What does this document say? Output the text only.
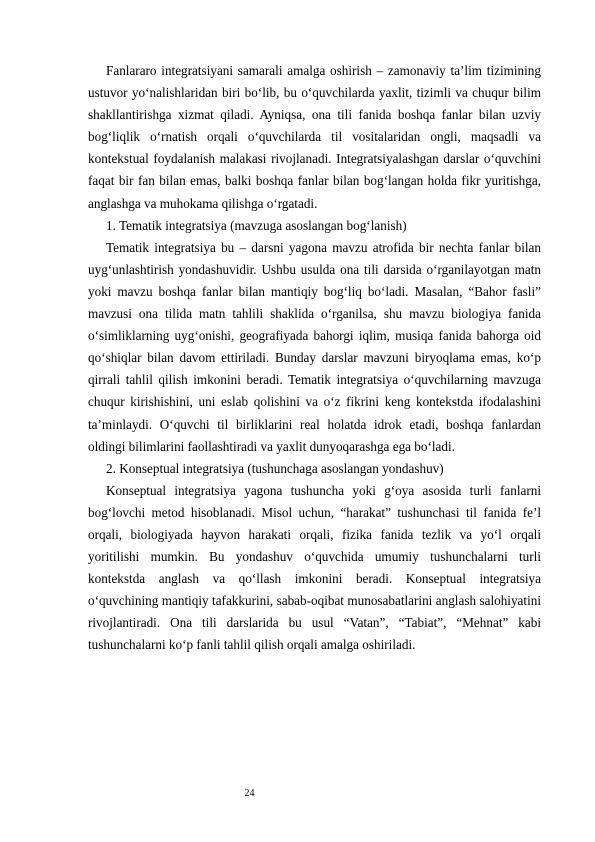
Fanlararo integratsiyani samarali amalga oshirish – zamonaviy ta’lim tizimining ustuvor yo‘nalishlaridan biri bo‘lib, bu o‘quvchilarda yaxlit, tizimli va chuqur bilim shakllantirishga xizmat qiladi. Ayniqsa, ona tili fanida boshqa fanlar bilan uzviy bog‘liqlik o‘rnatish orqali o‘quvchilarda til vositalaridan ongli, maqsadli va kontekstual foydalanish malakasi rivojlanadi. Integratsiyalashgan darslar o‘quvchini faqat bir fan bilan emas, balki boshqa fanlar bilan bog‘langan holda fikr yuritishga, anglashga va muhokama qilishga o‘rgatadi.

1. Tematik integratsiya (mavzuga asoslangan bog‘lanish)

Tematik integratsiya bu – darsni yagona mavzu atrofida bir nechta fanlar bilan uyg‘unlashtirish yondashuvidir. Ushbu usulda ona tili darsida o‘rganilayotgan matn yoki mavzu boshqa fanlar bilan mantiqiy bog‘liq bo‘ladi. Masalan, “Bahor fasli” mavzusi ona tilida matn tahlili shaklida o‘rganilsa, shu mavzu biologiya fanida o‘simliklarning uyg‘onishi, geografiyada bahorgi iqlim, musiqa fanida bahorga oid qo‘shiqlar bilan davom ettiriladi. Bunday darslar mavzuni biryoqlama emas, ko‘p qirrali tahlil qilish imkonini beradi. Tematik integratsiya o‘quvchilarning mavzuga chuqur kirishishini, uni eslab qolishini va o‘z fikrini keng kontekstda ifodalashini ta’minlaydi. O‘quvchi til birliklarini real holatda idrok etadi, boshqa fanlardan oldingi bilimlarini faollashtiradi va yaxlit dunyoqarashga ega bo‘ladi.

2. Konseptual integratsiya (tushunchaga asoslangan yondashuv)

Konseptual integratsiya yagona tushuncha yoki g‘oya asosida turli fanlarni bog‘lovchi metod hisoblanadi. Misol uchun, “harakat” tushunchasi til fanida fe’l orqali, biologiyada hayvon harakati orqali, fizika fanida tezlik va yo‘l orqali yoritilishi mumkin. Bu yondashuv o‘quvchida umumiy tushunchalarni turli kontekstda anglash va qo‘llash imkonini beradi. Konseptual integratsiya o‘quvchining mantiqiy tafakkurini, sabab-oqibat munosabatlarini anglash salohiyatini rivojlantiradi. Ona tili darslarida bu usul “Vatan”, “Tabiat”, “Mehnat” kabi tushunchalarni ko‘p fanli tahlil qilish orqali amalga oshiriladi.

24
